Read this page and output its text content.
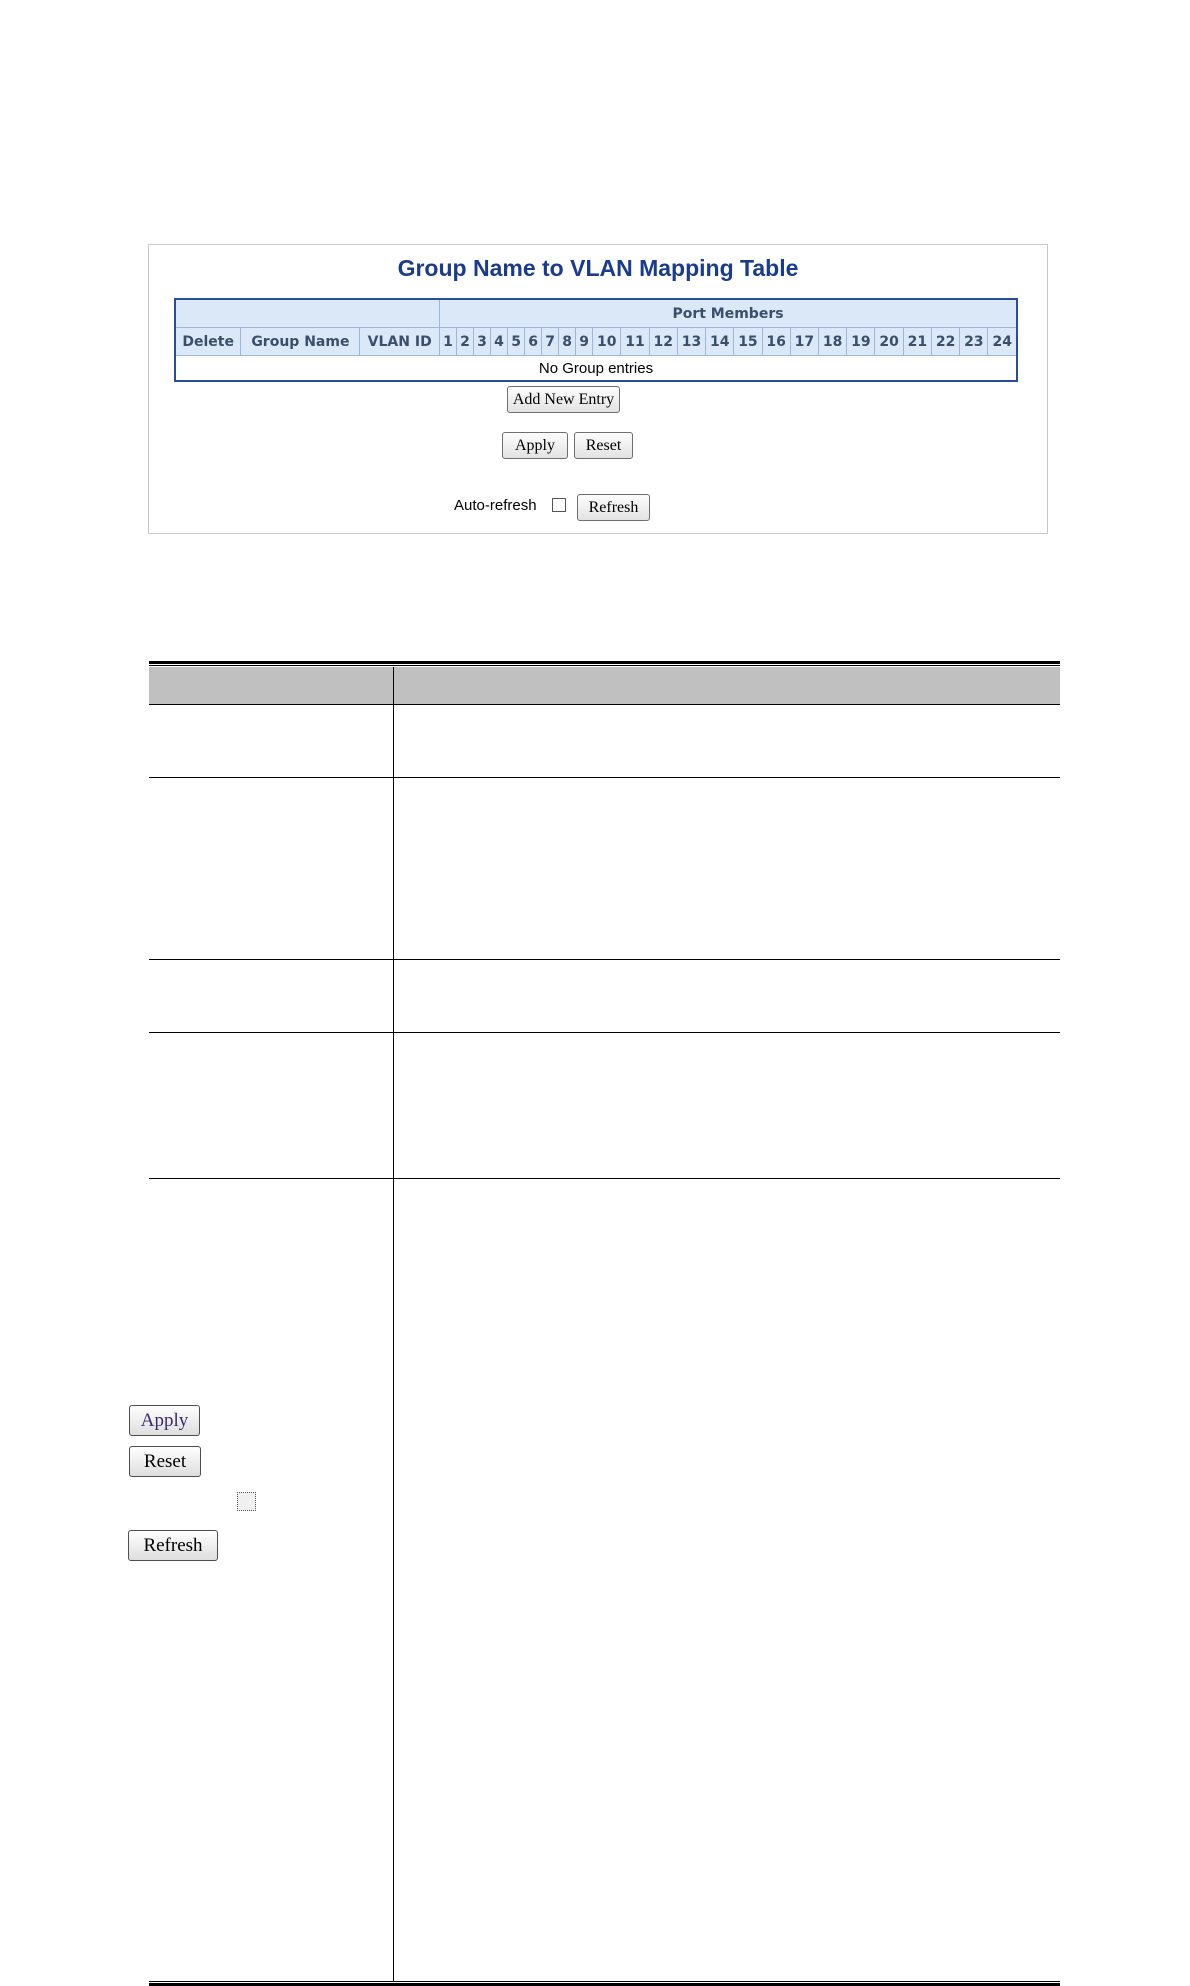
Group Name to VLAN Mapping Table
			Port Members																							
Delete	Group Name	VLAN ID	1	2	3	4	5	6	7	8	9	10	11	12	13	14	15	16	17	18	19	20	21	22	23	24
No Group entries																										
Add New Entry
Apply	Reset
Auto-refresh	Refresh
Apply
Reset
Refresh
